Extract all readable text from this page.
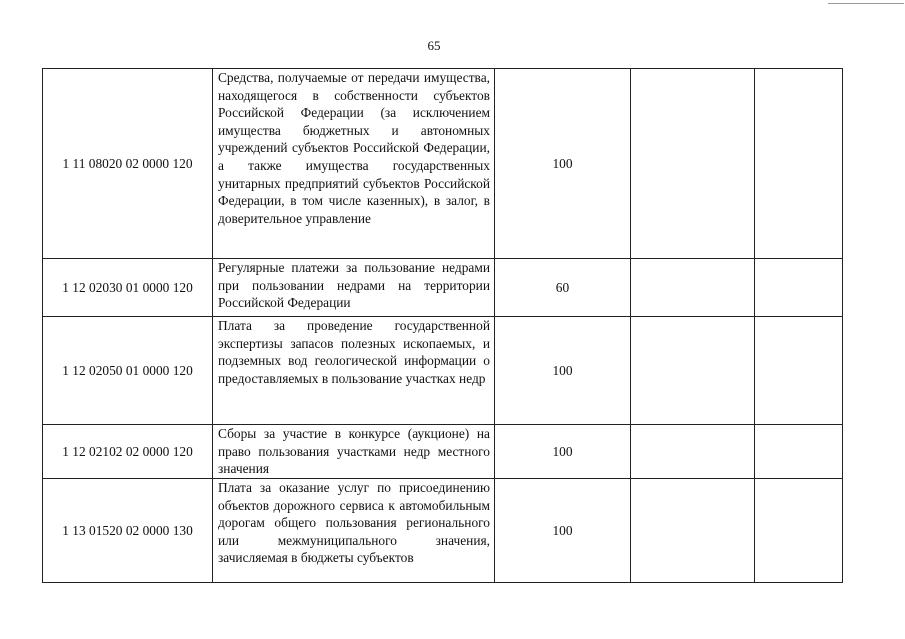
65
1 11 08020 02 0000 120	Средства, получаемые от передачи имущества, находящегося в собственности субъектов Российской Федерации (за исключением имущества бюджетных и автономных учреждений субъектов Российской Федерации, а также имущества государственных унитарных предприятий субъектов Российской Федерации, в том числе казенных), в залог, в доверительное управление	100		
1 12 02030 01 0000 120	Регулярные платежи за пользование недрами при пользовании недрами на территории Российской Федерации	60		
1 12 02050 01 0000 120	Плата за проведение государственной экспертизы запасов полезных ископаемых, и подземных вод геологической информации о предоставляемых в пользование участках недр	100		
1 12 02102 02 0000 120	Сборы за участие в конкурсе (аукционе) на право пользования участками недр местного значения	100		
1 13 01520 02 0000 130	Плата за оказание услуг по присоединению объектов дорожного сервиса к автомобильным дорогам общего пользования регионального или межмуниципального значения, зачисляемая в бюджеты субъектов	100		
